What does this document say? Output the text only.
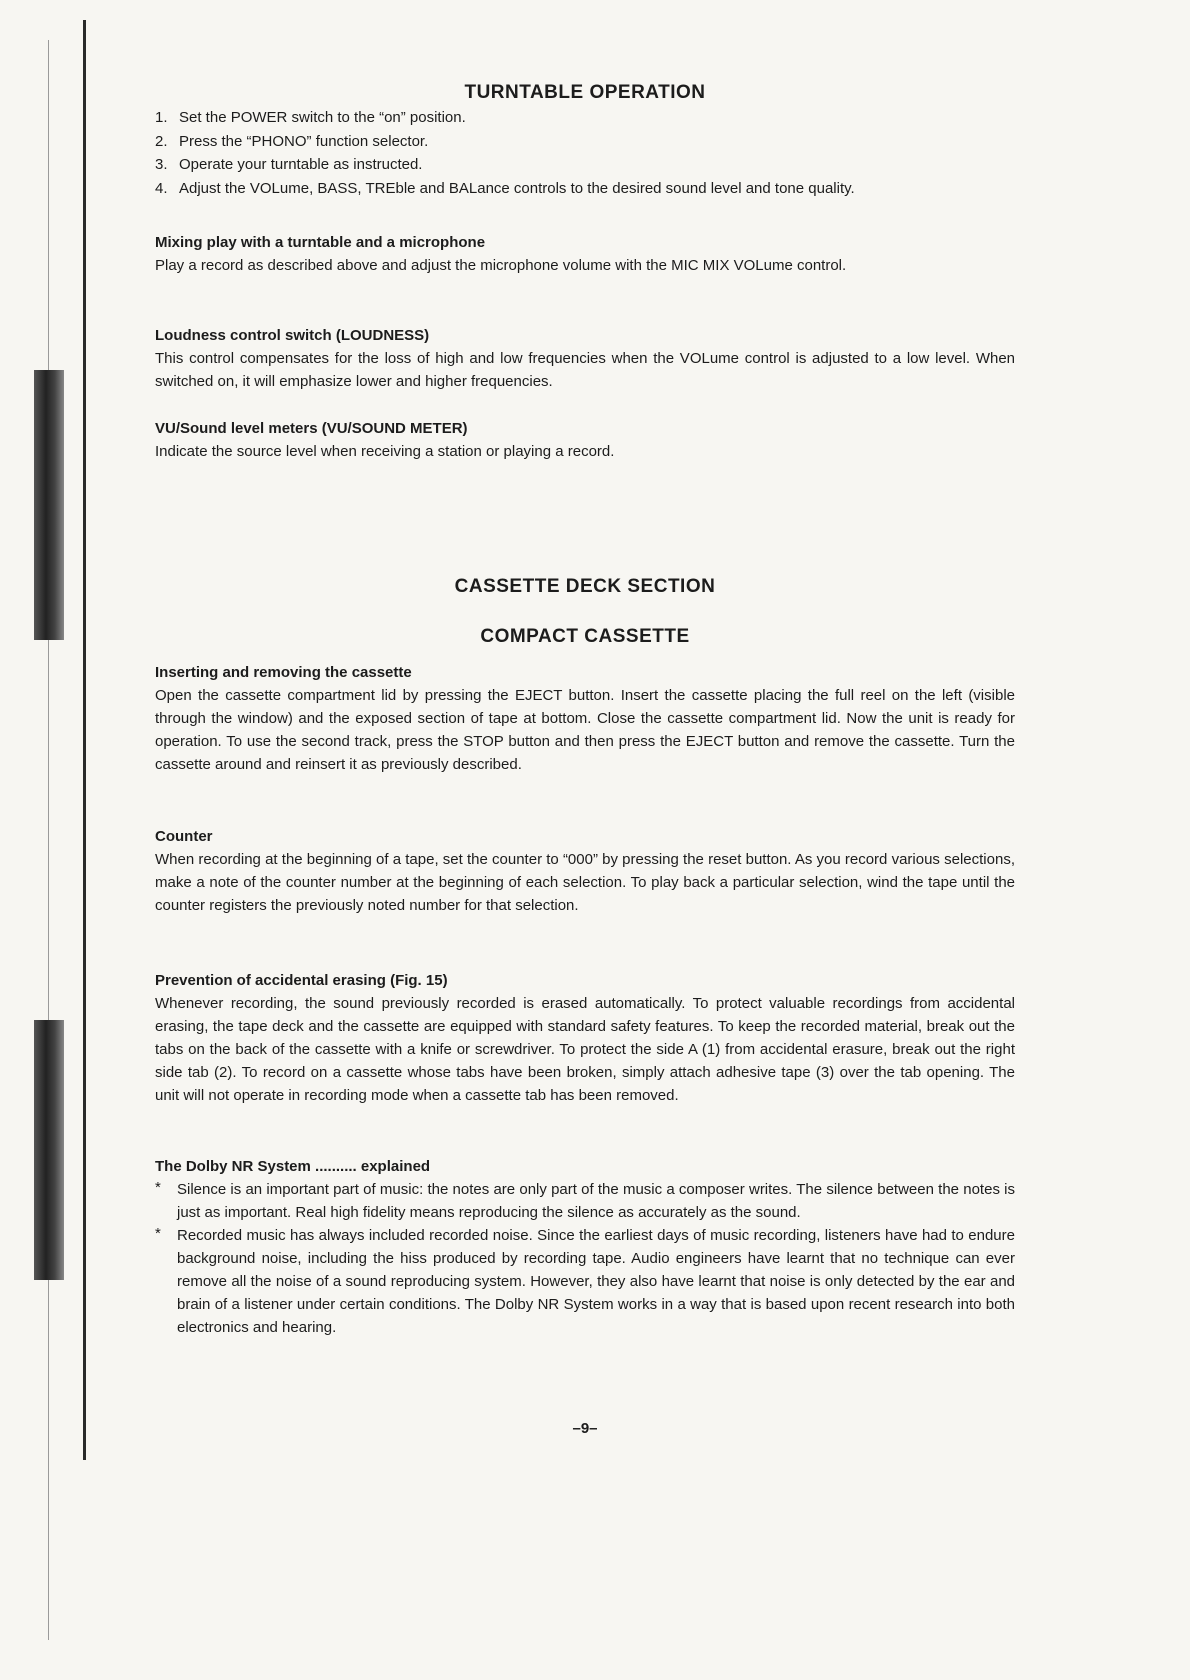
TURNTABLE OPERATION
1. Set the POWER switch to the “on” position.
2. Press the “PHONO” function selector.
3. Operate your turntable as instructed.
4. Adjust the VOLume, BASS, TREble and BALance controls to the desired sound level and tone quality.

Mixing play with a turntable and a microphone

Play a record as described above and adjust the microphone volume with the MIC MIX VOLume control.

Loudness control switch (LOUDNESS)

This control compensates for the loss of high and low frequencies when the VOLume control is adjusted to a low level. When switched on, it will emphasize lower and higher frequencies.

VU/Sound level meters (VU/SOUND METER)

Indicate the source level when receiving a station or playing a record.

CASSETTE DECK SECTION
COMPACT CASSETTE

Inserting and removing the cassette

Open the cassette compartment lid by pressing the EJECT button. Insert the cassette placing the full reel on the left (visible through the window) and the exposed section of tape at bottom. Close the cassette compartment lid. Now the unit is ready for operation. To use the second track, press the STOP button and then press the EJECT button and remove the cassette. Turn the cassette around and reinsert it as previously described.

Counter

When recording at the beginning of a tape, set the counter to “000” by pressing the reset button. As you record various selections, make a note of the counter number at the beginning of each selection. To play back a particular selection, wind the tape until the counter registers the previously noted number for that selection.

Prevention of accidental erasing (Fig. 15)

Whenever recording, the sound previously recorded is erased automatically. To protect valuable recordings from accidental erasing, the tape deck and the cassette are equipped with standard safety features. To keep the recorded material, break out the tabs on the back of the cassette with a knife or screwdriver. To protect the side A (1) from accidental erasure, break out the right side tab (2). To record on a cassette whose tabs have been broken, simply attach adhesive tape (3) over the tab opening. The unit will not operate in recording mode when a cassette tab has been removed.

The Dolby NR System .......... explained

* Silence is an important part of music: the notes are only part of the music a composer writes. The silence between the notes is just as important. Real high fidelity means reproducing the silence as accurately as the sound.
* Recorded music has always included recorded noise. Since the earliest days of music recording, listeners have had to endure background noise, including the hiss produced by recording tape. Audio engineers have learnt that no technique can ever remove all the noise of a sound reproducing system. However, they also have learnt that noise is only detected by the ear and brain of a listener under certain conditions. The Dolby NR System works in a way that is based upon recent research into both electronics and hearing.
–9–
